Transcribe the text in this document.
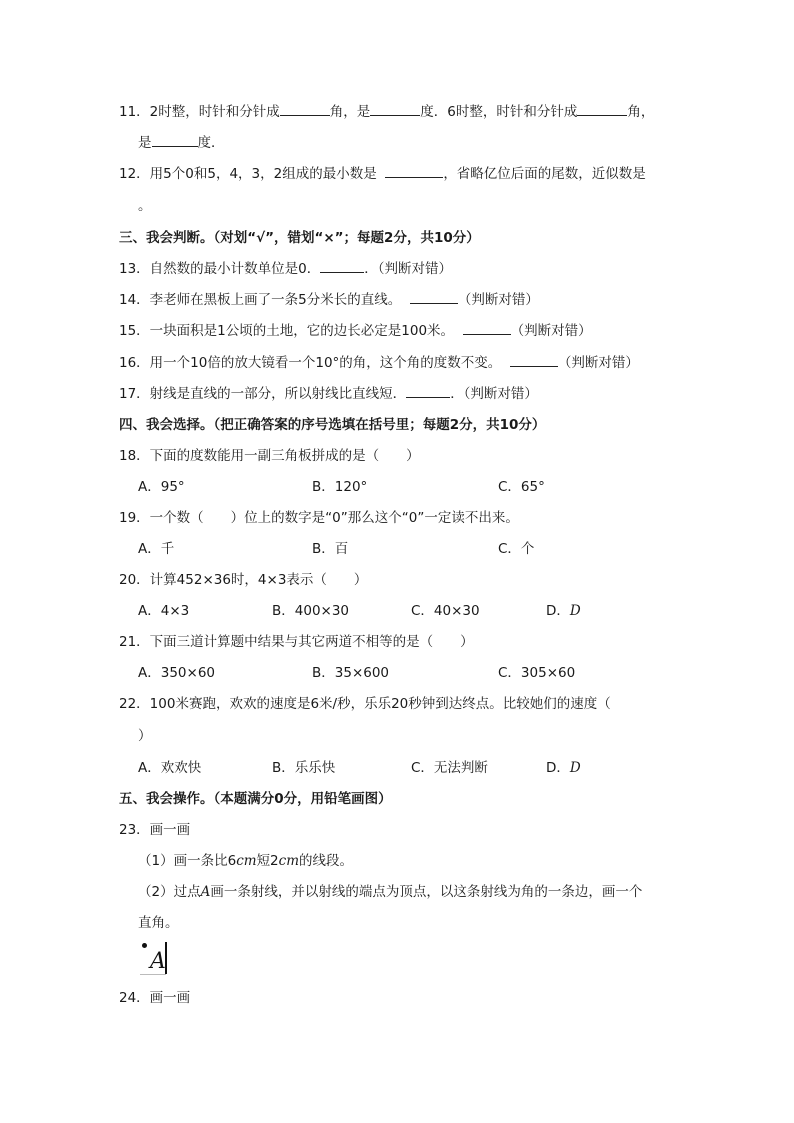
11．2时整，时针和分针成	角，是	度．6时整，时针和分针成	角，
是	度．
12．用5个0和5，4，3，2组成的最小数是	，省略亿位后面的尾数，近似数是
。
三、我会判断。（对划“√”，错划“×”；每题2分，共10分）
13．自然数的最小计数单位是0．	．（判断对错）
14．李老师在黑板上画了一条5分米长的直线。	（判断对错）
15．一块面积是1公顷的土地，它的边长必定是100米。	（判断对错）
16．用一个10倍的放大镜看一个10°的角，这个角的度数不变。	（判断对错）
17．射线是直线的一部分，所以射线比直线短．	．（判断对错）
四、我会选择。（把正确答案的序号选填在括号里；每题2分，共10分）
18．下面的度数能用一副三角板拼成的是（　　）
A．95°	B．120°	C．65°
19．一个数（　　）位上的数字是“0”那么这个“0”一定读不出来。
A．千	B．百	C．个
20．计算452×36时，4×3表示（　　）
A．4×3	B．400×30	C．40×30	D．D
21．下面三道计算题中结果与其它两道不相等的是（　　）
A．350×60	B．35×600	C．305×60
22．100米赛跑，欢欢的速度是6米/秒，乐乐20秒钟到达终点。比较她们的速度（
）
A．欢欢快	B．乐乐快	C．无法判断	D．D
五、我会操作。（本题满分0分，用铅笔画图）
23．画一画
（1）画一条比6cm短2cm的线段。
（2）过点A画一条射线，并以射线的端点为顶点，以这条射线为角的一条边，画一个
直角。
A
24．画一画
